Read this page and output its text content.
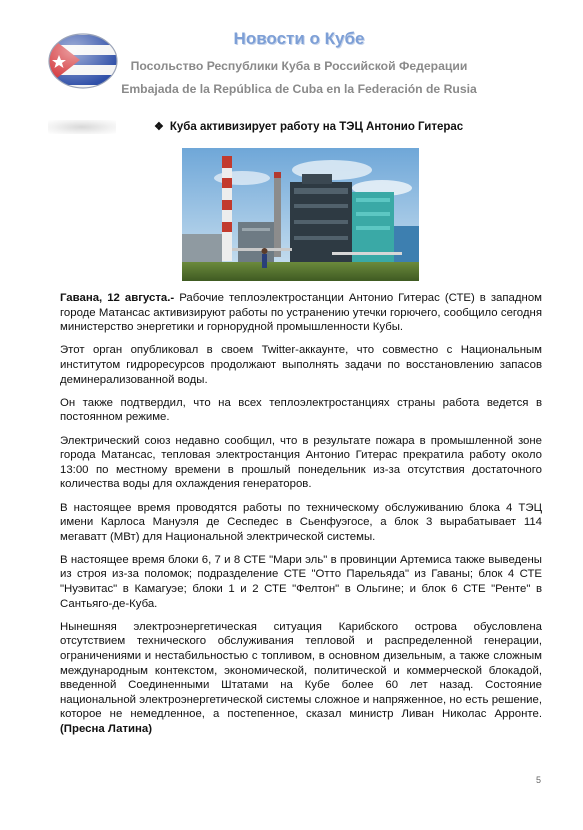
Новости о Кубе
Посольство Республики Куба в Российской Федерации
Embajada de la República de Cuba en la Federación de Rusia
❖ Куба активизирует работу на ТЭЦ Антонио Гитерас

Гавана, 12 августа.- Рабочие теплоэлектростанции Антонио Гитерас (СТЕ) в западном городе Матансас активизируют работы по устранению утечки горючего, сообщило сегодня министерство энергетики и горнорудной промышленности Кубы.

Этот орган опубликовал в своем Twitter-аккаунте, что совместно с Национальным институтом гидроресурсов продолжают выполнять задачи по восстановлению запасов деминерализованной воды.

Он также подтвердил, что на всех теплоэлектростанциях страны работа ведется в постоянном режиме.

Электрический союз недавно сообщил, что в результате пожара в промышленной зоне города Матансас, тепловая электростанция Антонио Гитерас прекратила работу около 13:00 по местному времени в прошлый понедельник из-за отсутствия достаточного количества воды для охлаждения генераторов.

В настоящее время проводятся работы по техническому обслуживанию блока 4 ТЭЦ имени Карлоса Мануэля де Сеспедес в Сьенфуэгосе, а блок 3 вырабатывает 114 мегаватт (МВт) для Национальной электрической системы.

В настоящее время блоки 6, 7 и 8 СТЕ "Мари эль" в провинции Артемиса также выведены из строя из-за поломок; подразделение СТЕ "Отто Парельяда" из Гаваны; блок 4 СТЕ "Нуэвитас" в Камагуэе; блоки 1 и 2 СТЕ "Фелтон" в Ольгине; и блок 6 СТЕ "Ренте" в Сантьяго-де-Куба.

Нынешняя электроэнергетическая ситуация Карибского острова обусловлена отсутствием технического обслуживания тепловой и распределенной генерации, ограничениями и нестабильностью с топливом, в основном дизельным, а также сложным международным контекстом, экономической, политической и коммерческой блокадой, введенной Соединенными Штатами на Кубе более 60 лет назад. Состояние национальной электроэнергетической системы сложное и напряженное, но есть решение, которое не немедленное, а постепенное, сказал министр Ливан Николас Арронте. (Пресна Латина)

5
